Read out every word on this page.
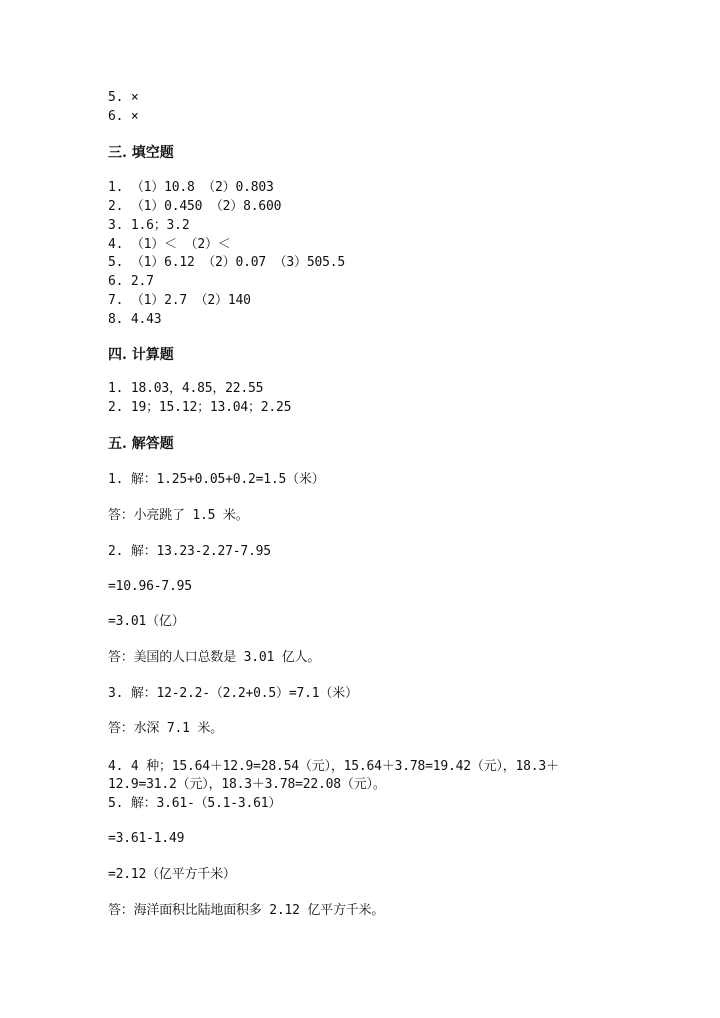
5. ×
6. ×
三. 填空题
1. （1）10.8 （2）0.803
2. （1）0.450 （2）8.600
3. 1.6；3.2
4. （1）＜ （2）＜
5. （1）6.12 （2）0.07 （3）505.5
6. 2.7
7. （1）2.7 （2）140
8. 4.43
四. 计算题
1. 18.03，4.85，22.55
2. 19；15.12；13.04；2.25
五. 解答题
1. 解：1.25+0.05+0.2=1.5（米）
答：小亮跳了 1.5 米。
2. 解：13.23-2.27-7.95
=10.96-7.95
=3.01（亿）
答：美国的人口总数是 3.01 亿人。
3. 解：12-2.2-（2.2+0.5）=7.1（米）
答：水深 7.1 米。
4. 4 种；15.64＋12.9=28.54（元），15.64＋3.78=19.42（元），18.3＋
12.9=31.2（元），18.3＋3.78=22.08（元）。
5. 解：3.61-（5.1-3.61）
=3.61-1.49
=2.12（亿平方千米）
答：海洋面积比陆地面积多 2.12 亿平方千米。
